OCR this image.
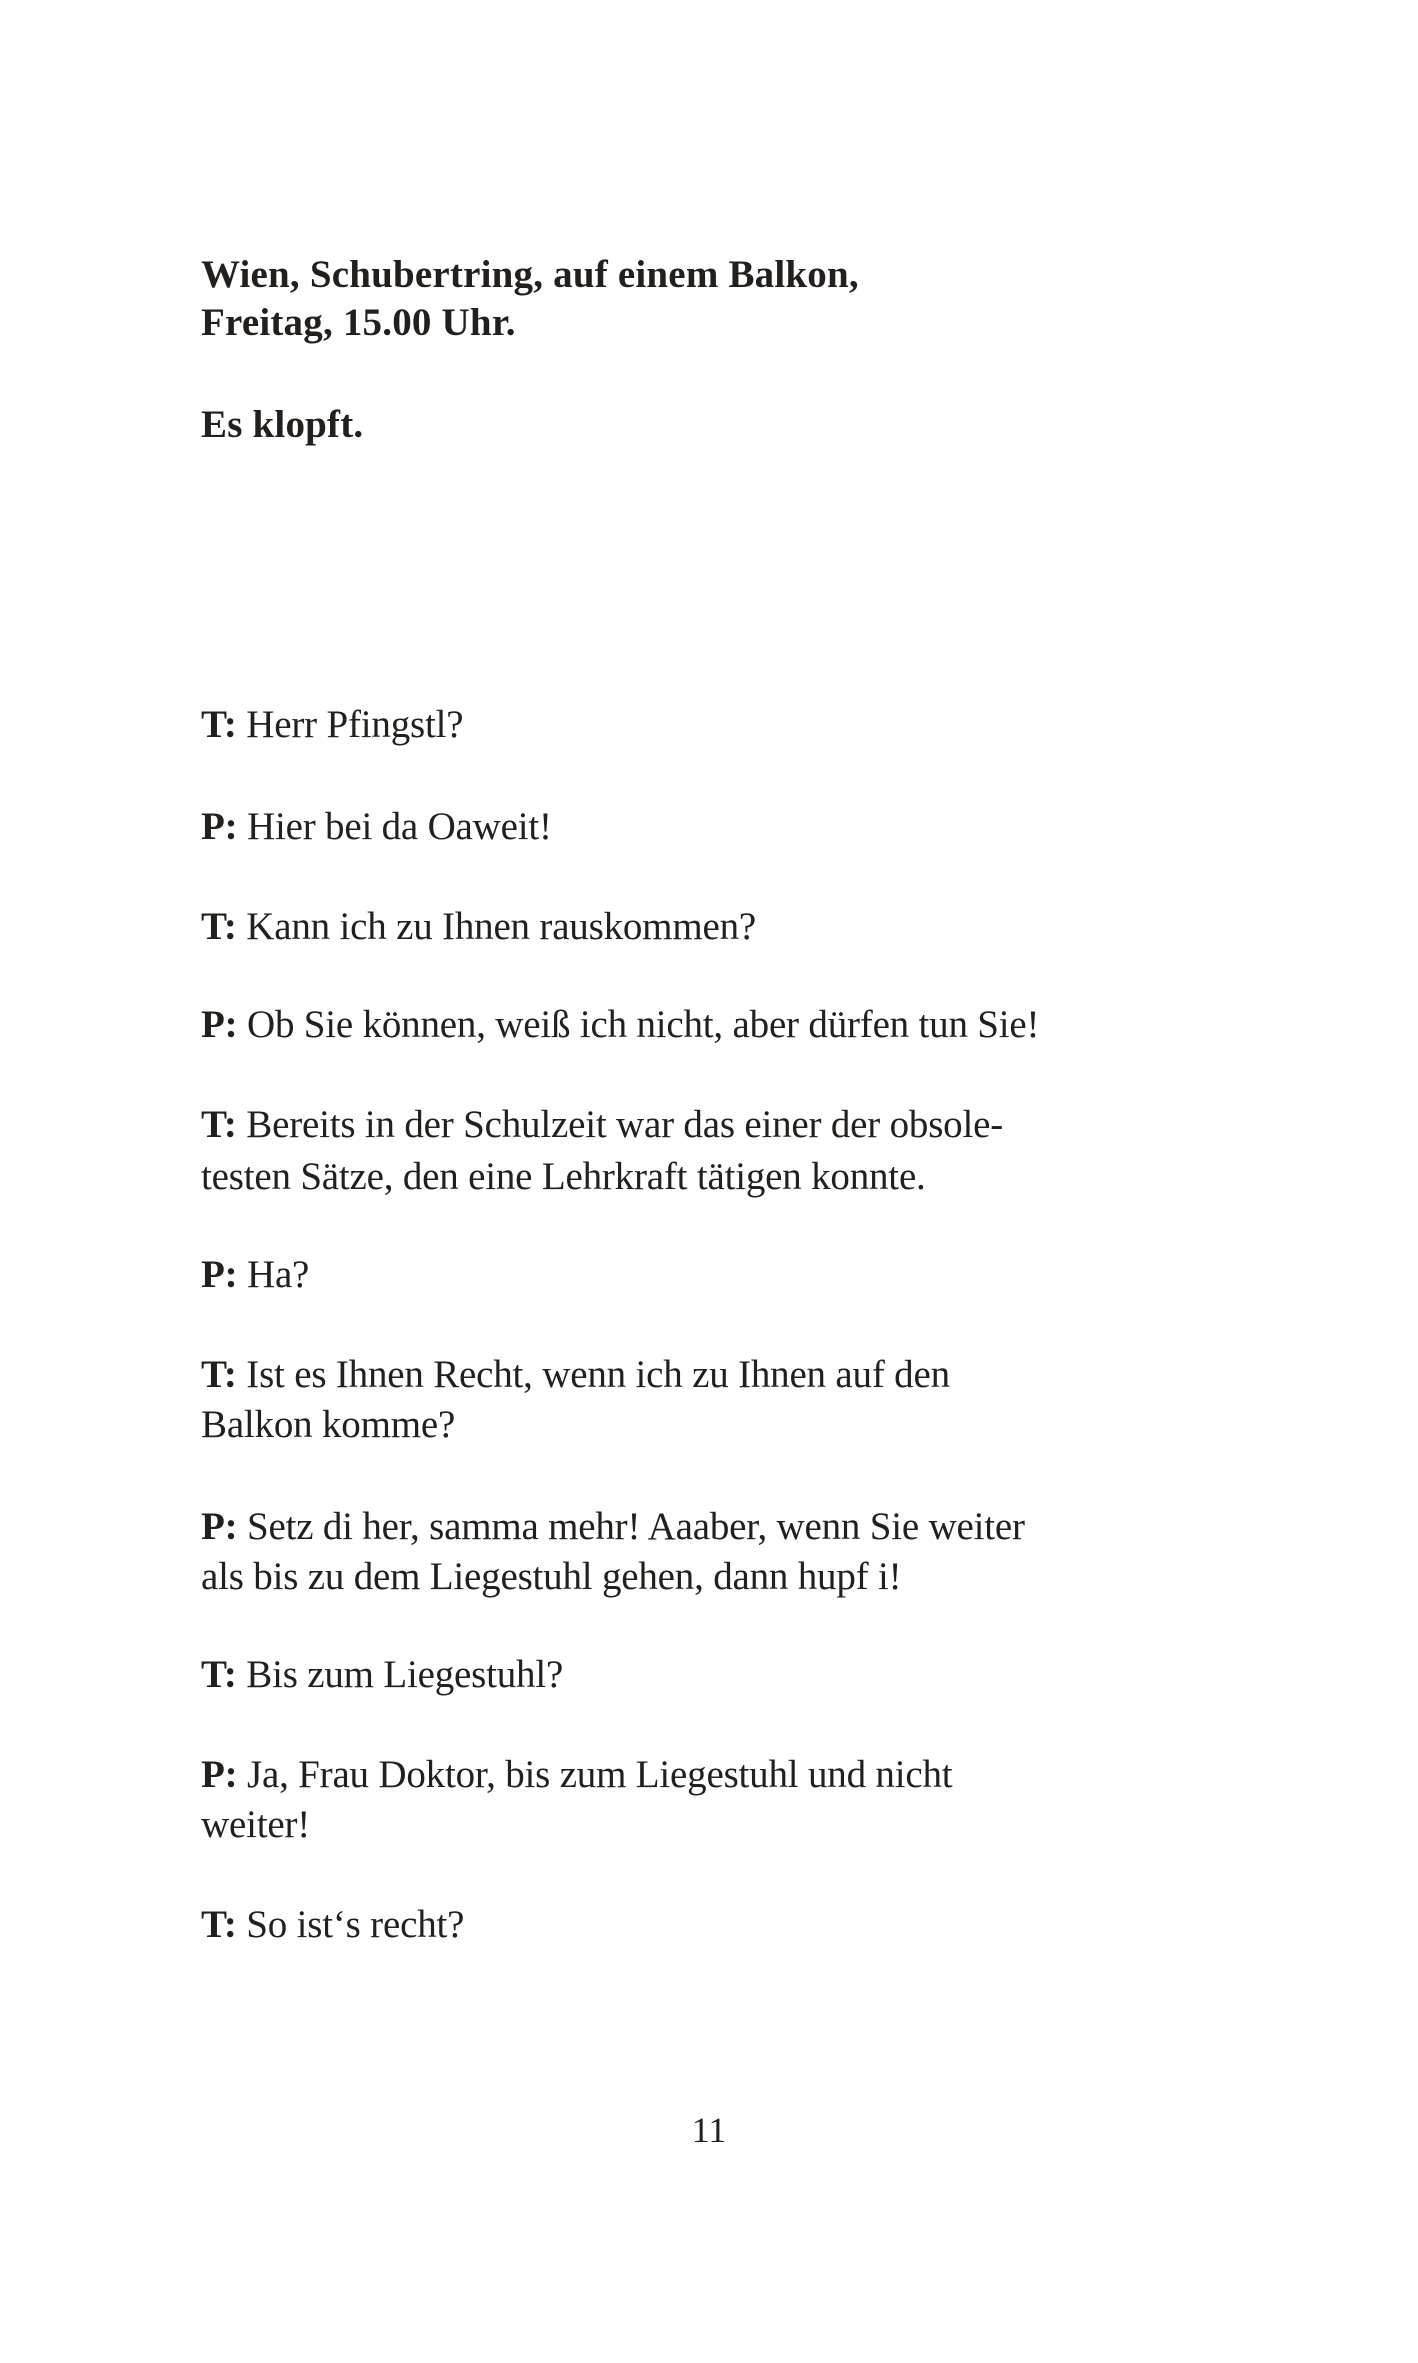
Wien, Schubertring, auf einem Balkon,
Freitag, 15.00 Uhr.
Es klopft.
T: Herr Pfingstl?
P: Hier bei da Oaweit!
T: Kann ich zu Ihnen rauskommen?
P: Ob Sie können, weiß ich nicht, aber dürfen tun Sie!
T: Bereits in der Schulzeit war das einer der obsole-
testen Sätze, den eine Lehrkraft tätigen konnte.
P: Ha?
T: Ist es Ihnen Recht, wenn ich zu Ihnen auf den
Balkon komme?
P: Setz di her, samma mehr! Aaaber, wenn Sie weiter
als bis zu dem Liegestuhl gehen, dann hupf i!
T: Bis zum Liegestuhl?
P: Ja, Frau Doktor, bis zum Liegestuhl und nicht
weiter!
T: So ist‘s recht?
11
